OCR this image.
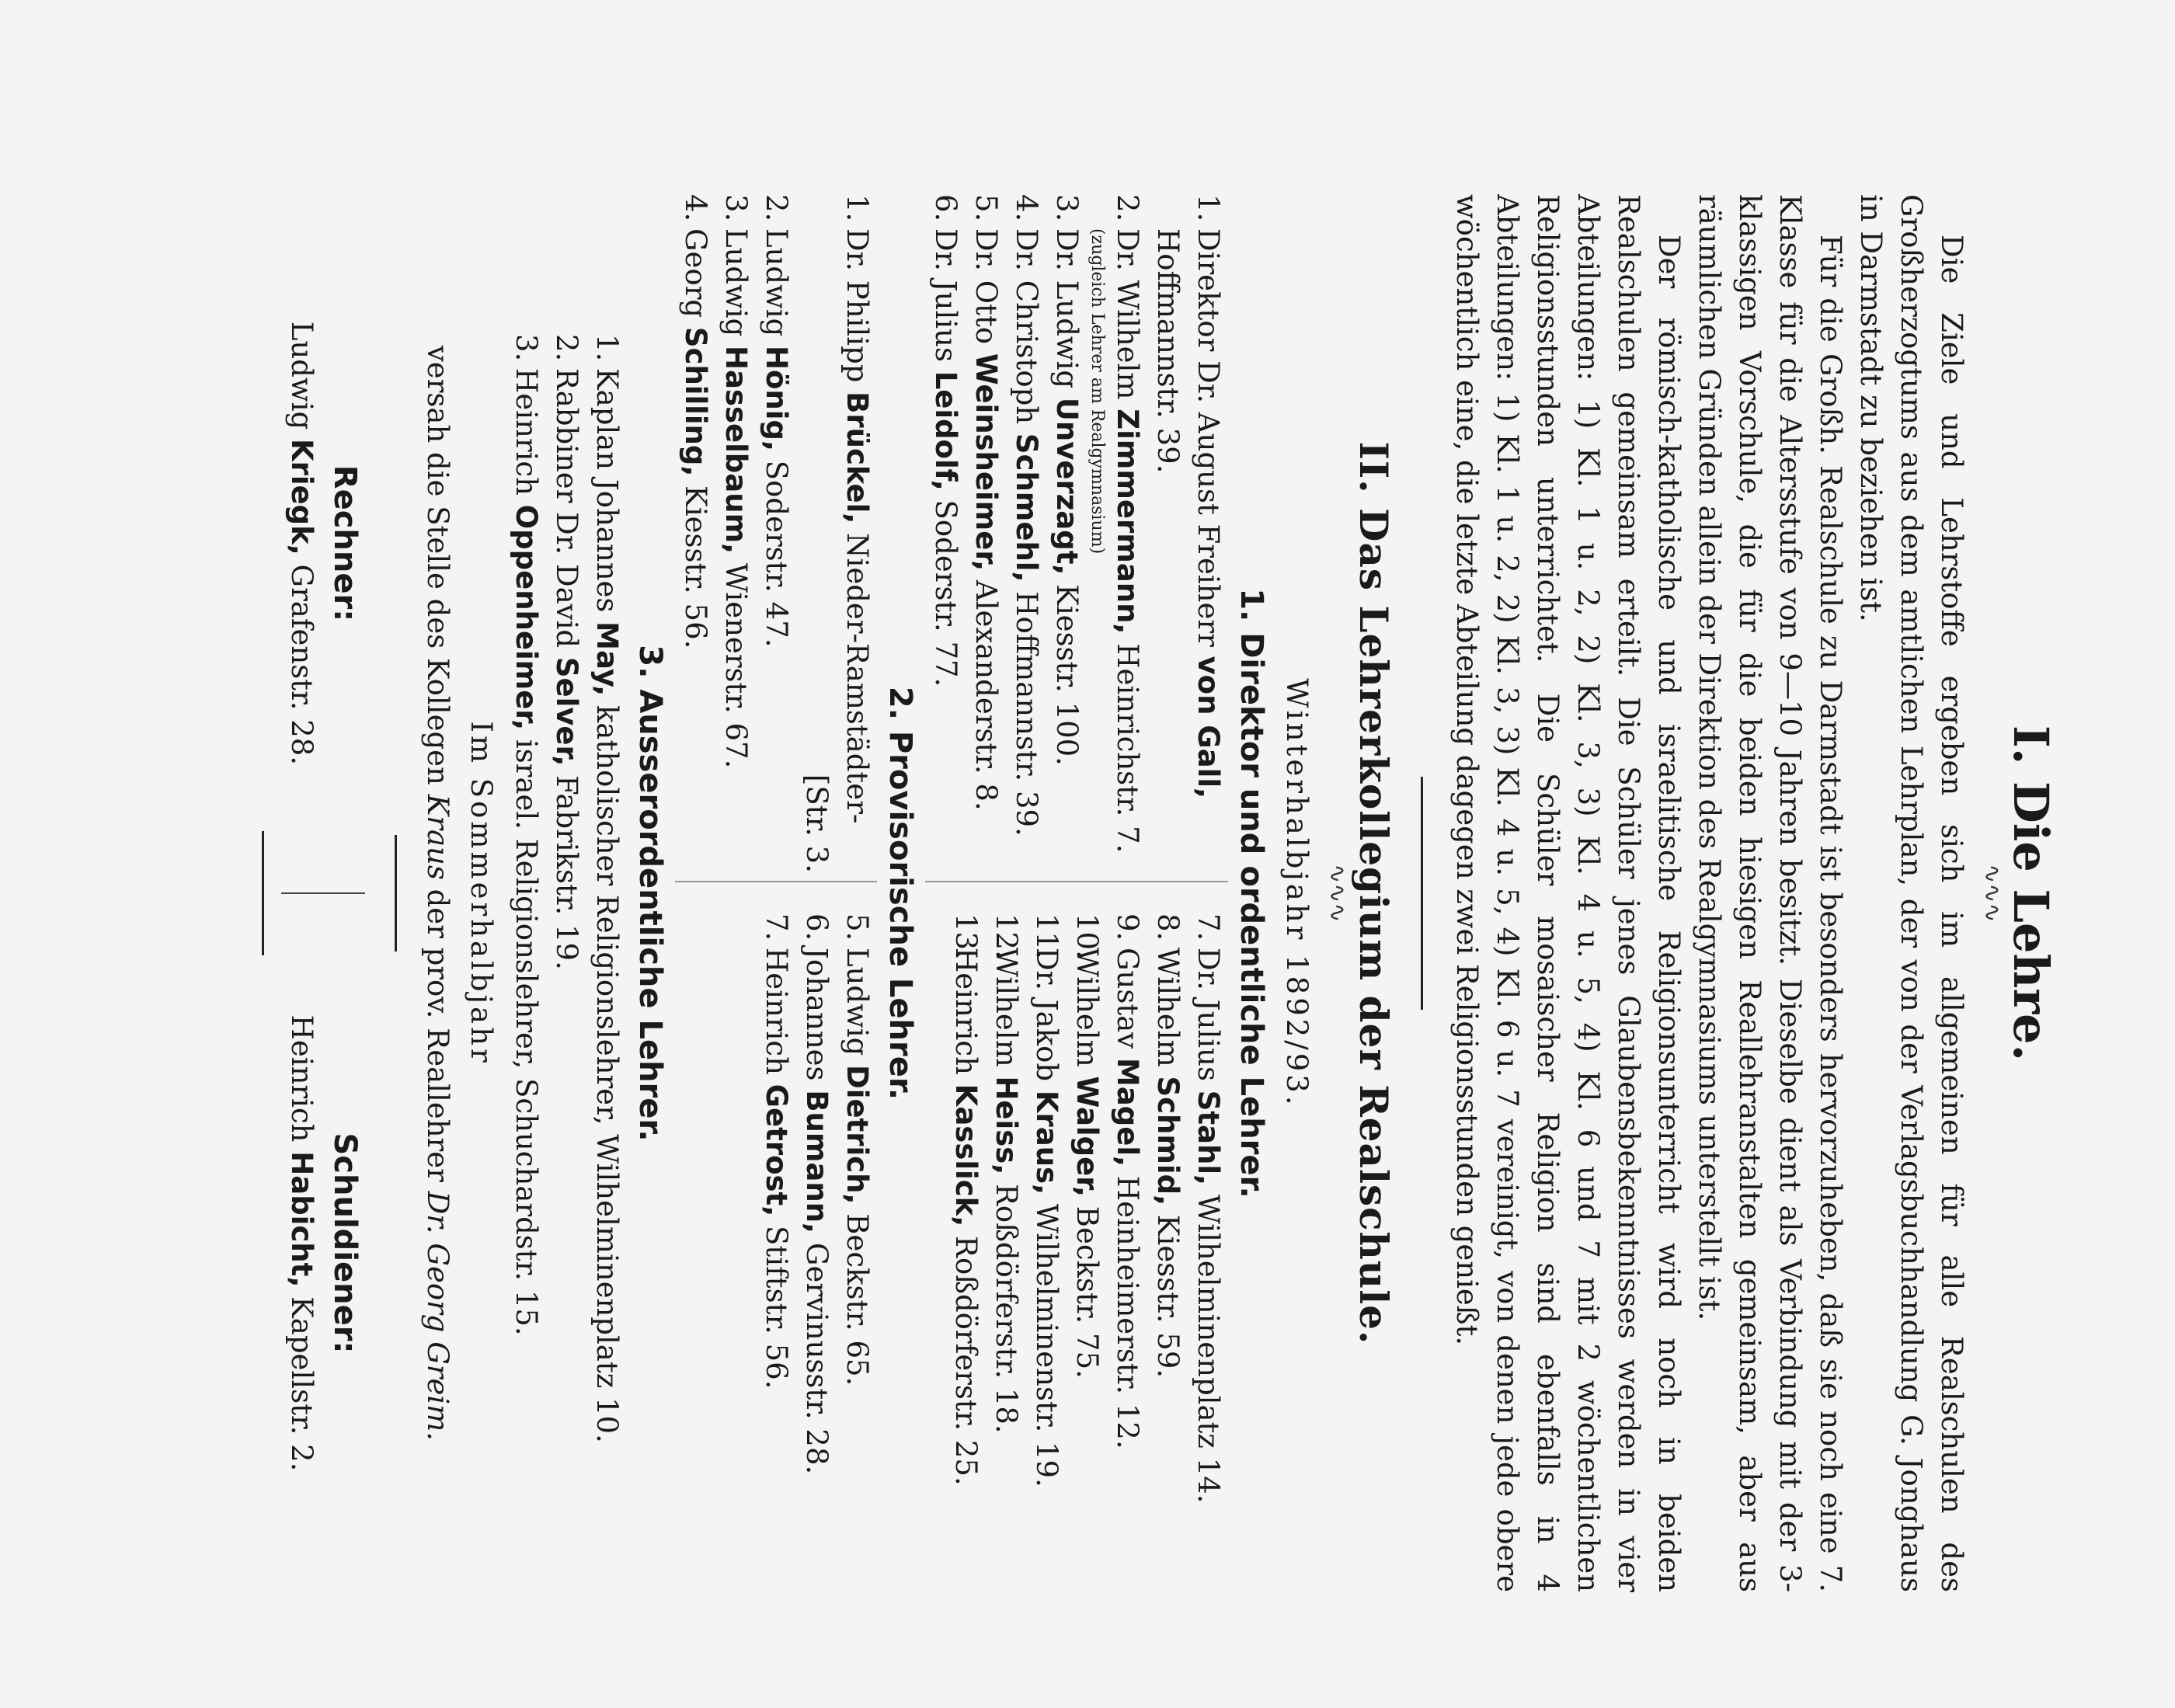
I. Die Lehre.
∿∿∿

Die Ziele und Lehrstoffe ergeben sich im allgemeinen für alle Realschulen des Großherzogtums aus dem amtlichen Lehrplan, der von der Verlagsbuchhandlung G. Jonghaus in Darmstadt zu beziehen ist.

Für die Großh. Realschule zu Darmstadt ist besonders hervorzuheben, daß sie noch eine 7. Klasse für die Altersstufe von 9—10 Jahren besitzt. Dieselbe dient als Verbindung mit der 3-klassigen Vorschule, die für die beiden hiesigen Reallehranstalten gemeinsam, aber aus räumlichen Gründen allein der Direktion des Realgymnasiums unterstellt ist.

Der römisch-katholische und israelitische Religionsunterricht wird noch in beiden Realschulen gemeinsam erteilt. Die Schüler jenes Glaubensbekenntnisses werden in vier Abteilungen: 1) Kl. 1 u. 2, 2) Kl. 3, 3) Kl. 4 u. 5, 4) Kl. 6 und 7 mit 2 wöchentlichen Religionsstunden unterrichtet. Die Schüler mosaischer Religion sind ebenfalls in 4 Abteilungen: 1) Kl. 1 u. 2, 2) Kl. 3, 3) Kl. 4 u. 5, 4) Kl. 6 u. 7 vereinigt, von denen jede obere wöchentlich eine, die letzte Abteilung dagegen zwei Religionsstunden genießt.

II. Das Lehrerkollegium der Realschule.
∿∿∿
Winterhalbjahr 1892/93.
1. Direktor und ordentliche Lehrer.
1.Direktor Dr. August Freiherr von Gall,
Hoffmannstr. 39.
2.Dr. Wilhelm Zimmermann, Heinrichstr. 7.
(zugleich Lehrer am Realgymnasium)
3.Dr. Ludwig Unverzagt, Kiesstr. 100.
4.Dr. Christoph Schmehl, Hoffmannstr. 39.
5.Dr. Otto Weinsheimer, Alexanderstr. 8.
6.Dr. Julius Leidolf, Soderstr. 77.
7.Dr. Julius Stahl, Wilhelminenplatz 14.
8.Wilhelm Schmid, Kiesstr. 59.
9.Gustav Magel, Heinheimerstr. 12.
10.Wilhelm Walger, Beckstr. 75.
11.Dr. Jakob Kraus, Wilhelminenstr. 19.
12.Wilhelm Heiss, Roßdörferstr. 18.
13.Heinrich Kasslick, Roßdörferstr. 25.
2. Provisorische Lehrer.
1.Dr. Philipp Brückel, Nieder-Ramstädter-
[Str. 3.
2.Ludwig Hönig, Soderstr. 47.
3.Ludwig Hasselbaum, Wienerstr. 67.
4.Georg Schilling, Kiesstr. 56.
5.Ludwig Dietrich, Beckstr. 65.
6.Johannes Bumann, Gervinusstr. 28.
7.Heinrich Getrost, Stiftstr. 56.
3. Ausserordentliche Lehrer.
1.Kaplan Johannes May, katholischer Religionslehrer, Wilhelminenplatz 10.
2.Rabbiner Dr. David Selver, Fabrikstr. 19.
3.Heinrich Oppenheimer, israel. Religionslehrer, Schuchardstr. 15.
Im Sommerhalbjahr
versah die Stelle des Kollegen Kraus der prov. Reallehrer Dr. Georg Greim.
Rechner:
Ludwig Kriegk, Grafenstr. 28.
Schuldiener:
Heinrich Habicht, Kapellstr. 2.
